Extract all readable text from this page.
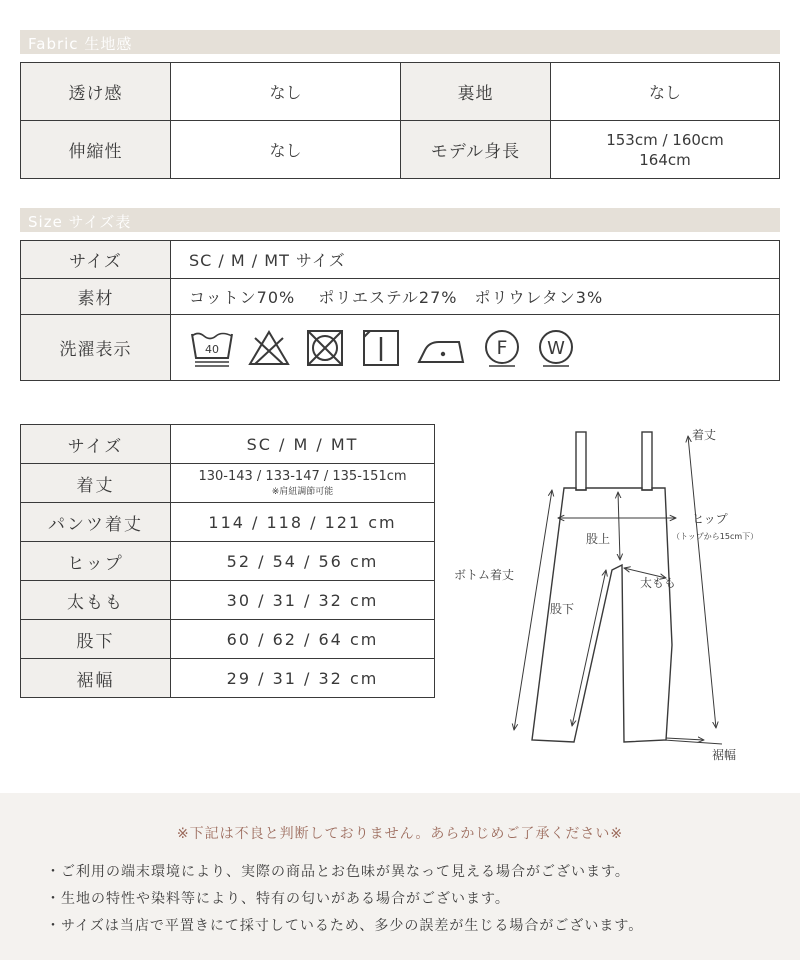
Fabric 生地感
透け感	なし	裏地	なし
伸縮性	なし	モデル身長	153cm / 160cm
164cm
Size サイズ表
サイズ	SC / M / MT サイズ
素材	コットン70%　 ポリエステル27%　ポリウレタン3%
洗濯表示	40 F W
サイズ	SC / M / MT
着丈	130-143 / 133-147 / 135-151cm
※肩紐調節可能

パンツ着丈	114 / 118 / 121 cm
ヒップ	52 / 54 / 56 cm
太もも	30 / 31 / 32 cm
股下	60 / 62 / 64 cm
裾幅	29 / 31 / 32 cm
着丈
ヒップ
（トップから15cm下）
股上
太もも
股下
ボトム着丈
裾幅
※下記は不良と判断しておりません。あらかじめご了承ください※
・ご利用の端末環境により、実際の商品とお色味が異なって見える場合がございます。
・生地の特性や染料等により、特有の匂いがある場合がございます。
・サイズは当店で平置きにて採寸しているため、多少の誤差が生じる場合がございます。
